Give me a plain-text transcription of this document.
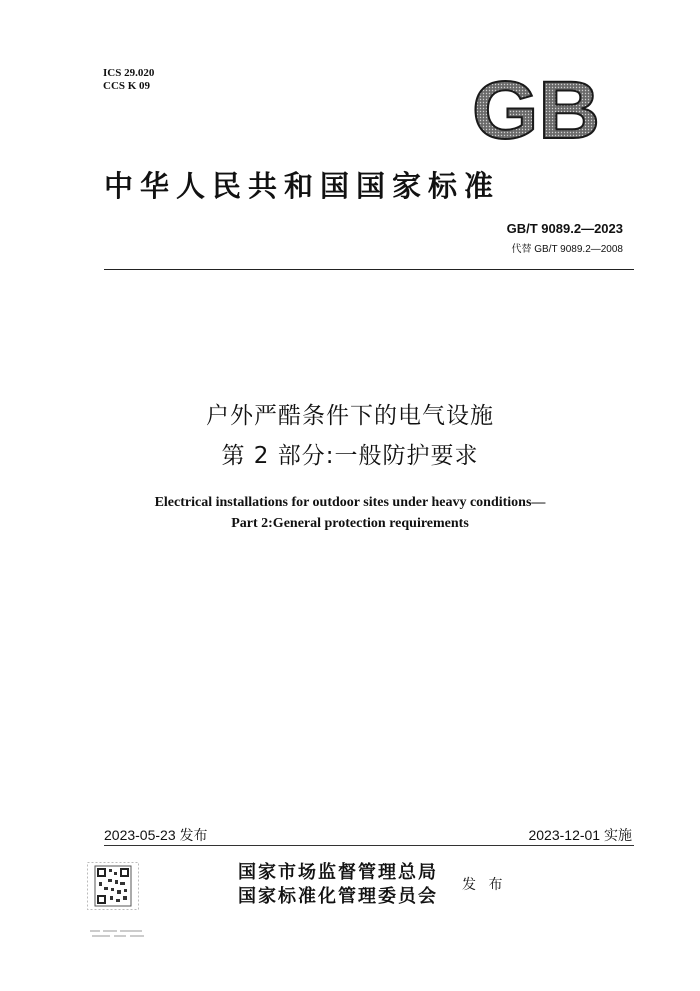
ICS 29.020
CCS K 09	GB
中华人民共和国国家标准
GB/T 9089.2—2023
代替 GB/T 9089.2—2008
户外严酷条件下的电气设施
第 2 部分:一般防护要求
Electrical installations for outdoor sites under heavy conditions—
Part 2:General protection requirements
2023-05-23 发布	2023-12-01 实施
国家市场监督管理总局
国家标准化管理委员会
发 布
